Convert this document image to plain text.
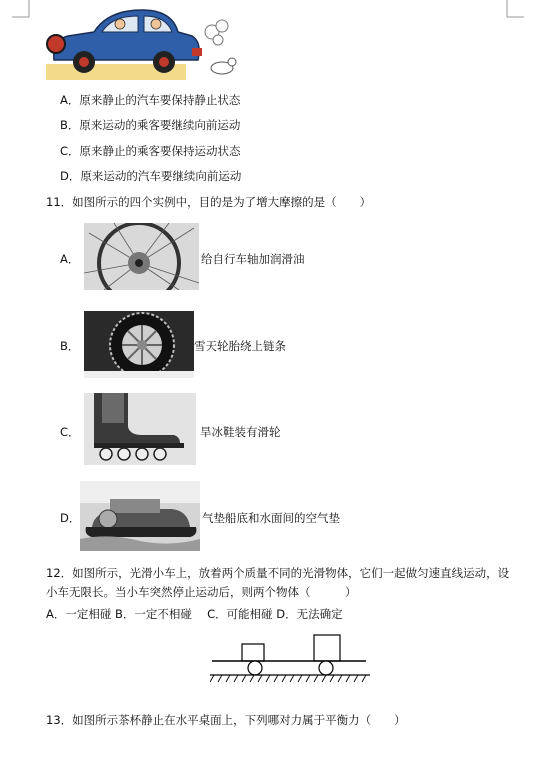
A．原来静止的汽车要保持静止状态
B．原来运动的乘客要继续向前运动
C．原来静止的乘客要保持运动状态
D．原来运动的汽车要继续向前运动
11．如图所示的四个实例中，目的是为了增大摩擦的是（　　）
A．	给自行车轴加润滑油
B．	雪天轮胎绕上链条
C．	旱冰鞋装有滑轮
D．	气垫船底和水面间的空气垫
12．如图所示，光滑小车上，放着两个质量不同的光滑物体，它们一起做匀速直线运动，设
小车无限长。当小车突然停止运动后，则两个物体（　　　）
A．一定相碰 B．一定不相碰　 C．可能相碰 D．无法确定
13．如图所示茶杯静止在水平桌面上，下列哪对力属于平衡力（　　）
